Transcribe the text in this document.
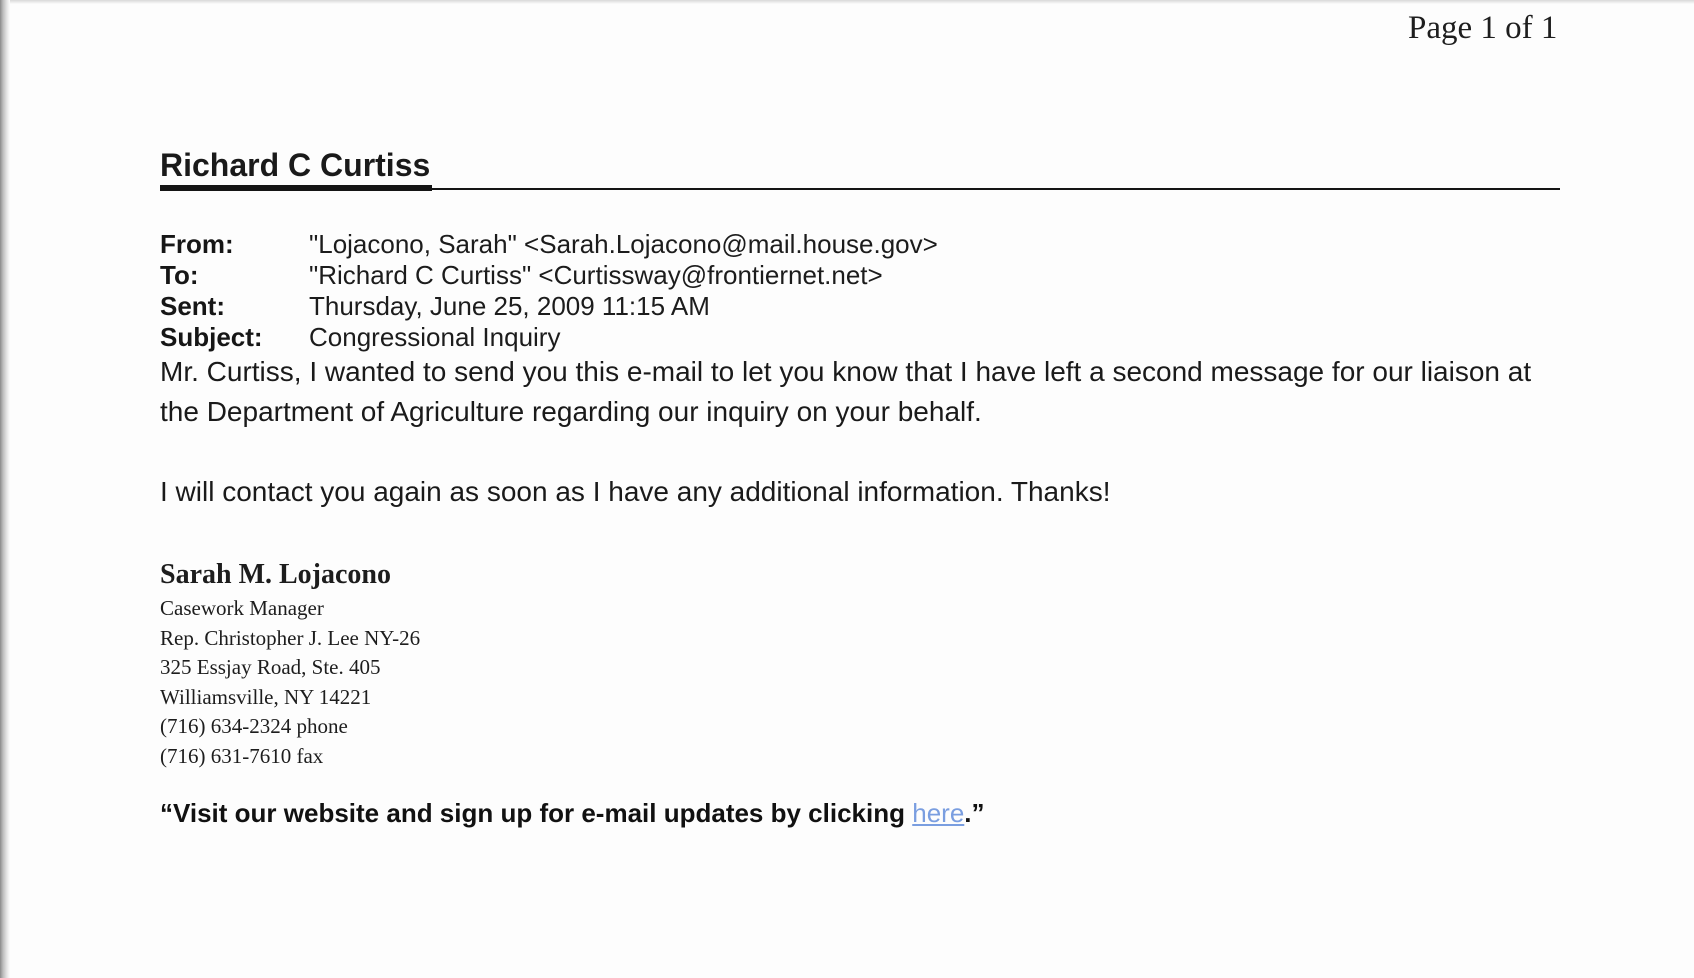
Page 1 of 1
Richard C Curtiss
From:	"Lojacono, Sarah" <Sarah.Lojacono@mail.house.gov>
To:	"Richard C Curtiss" <Curtissway@frontiernet.net>
Sent:	Thursday, June 25, 2009 11:15 AM
Subject:	Congressional Inquiry

Mr. Curtiss, I wanted to send you this e-mail to let you know that I have left a second message for our liaison at the Department of Agriculture regarding our inquiry on your behalf.

I will contact you again as soon as I have any additional information. Thanks!

Sarah M. Lojacono
Casework Manager
Rep. Christopher J. Lee NY-26
325 Essjay Road, Ste. 405
Williamsville, NY 14221
(716) 634-2324 phone
(716) 631-7610 fax
“Visit our website and sign up for e-mail updates by clicking here.”
